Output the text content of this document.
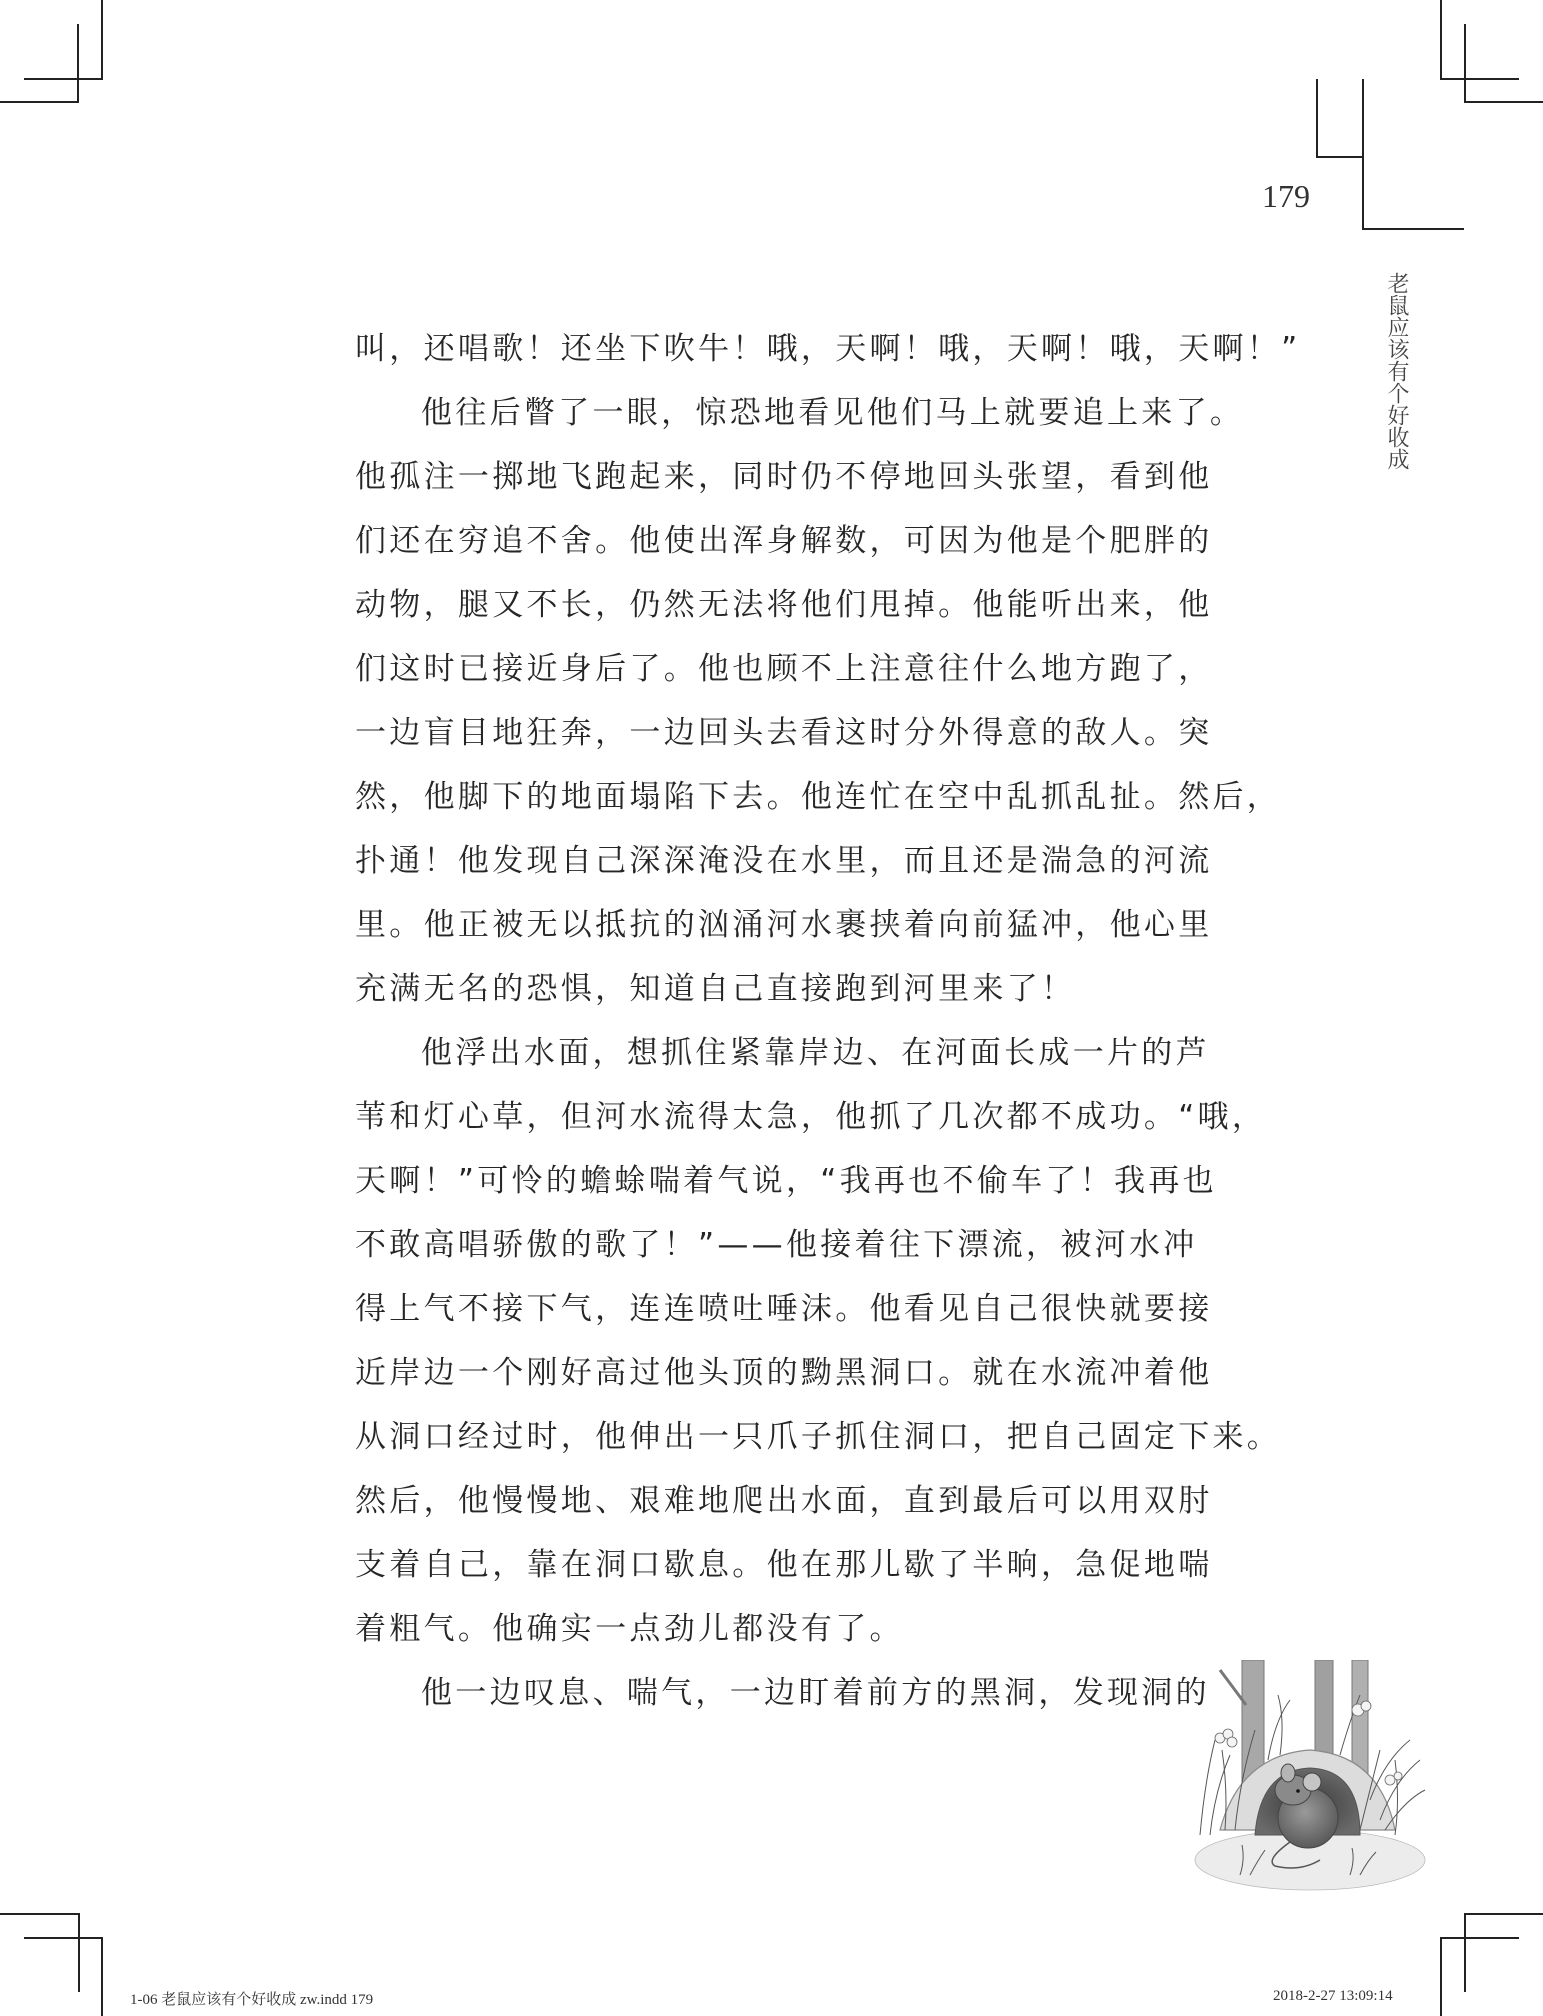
179
老鼠应该有个好收成
叫，还唱歌！还坐下吹牛！哦，天啊！哦，天啊！哦，天啊！”
他往后瞥了一眼，惊恐地看见他们马上就要追上来了。
他孤注一掷地飞跑起来，同时仍不停地回头张望，看到他
们还在穷追不舍。他使出浑身解数，可因为他是个肥胖的
动物，腿又不长，仍然无法将他们甩掉。他能听出来，他
们这时已接近身后了。他也顾不上注意往什么地方跑了，
一边盲目地狂奔，一边回头去看这时分外得意的敌人。突
然，他脚下的地面塌陷下去。他连忙在空中乱抓乱扯。然后，
扑通！他发现自己深深淹没在水里，而且还是湍急的河流
里。他正被无以抵抗的汹涌河水裹挟着向前猛冲，他心里
充满无名的恐惧，知道自己直接跑到河里来了！
他浮出水面，想抓住紧靠岸边、在河面长成一片的芦
苇和灯心草，但河水流得太急，他抓了几次都不成功。“哦，
天啊！”可怜的蟾蜍喘着气说，“我再也不偷车了！我再也
不敢高唱骄傲的歌了！”——他接着往下漂流，被河水冲
得上气不接下气，连连喷吐唾沫。他看见自己很快就要接
近岸边一个刚好高过他头顶的黝黑洞口。就在水流冲着他
从洞口经过时，他伸出一只爪子抓住洞口，把自己固定下来。
然后，他慢慢地、艰难地爬出水面，直到最后可以用双肘
支着自己，靠在洞口歇息。他在那儿歇了半晌，急促地喘
着粗气。他确实一点劲儿都没有了。
他一边叹息、喘气，一边盯着前方的黑洞，发现洞的
1-06 老鼠应该有个好收成 zw.indd 179	2018-2-27 13:09:14
